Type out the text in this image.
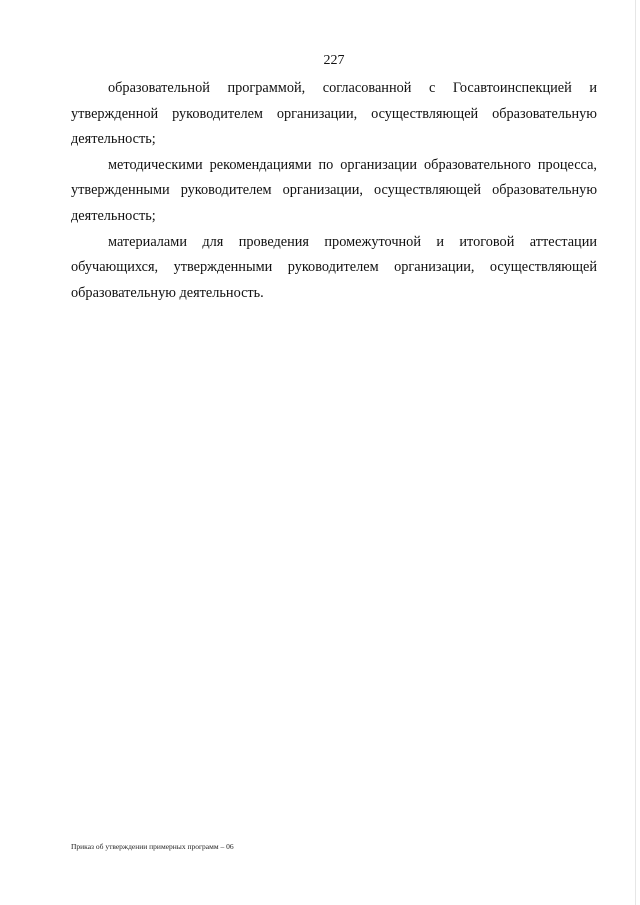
227

образовательной программой, согласованной с Госавтоинспекцией и утвержденной руководителем организации, осуществляющей образовательную деятельность;

методическими рекомендациями по организации образовательного процесса, утвержденными руководителем организации, осуществляющей образовательную деятельность;

материалами для проведения промежуточной и итоговой аттестации обучающихся, утвержденными руководителем организации, осуществляющей образовательную деятельность.

Приказ об утверждении примерных программ – 06
